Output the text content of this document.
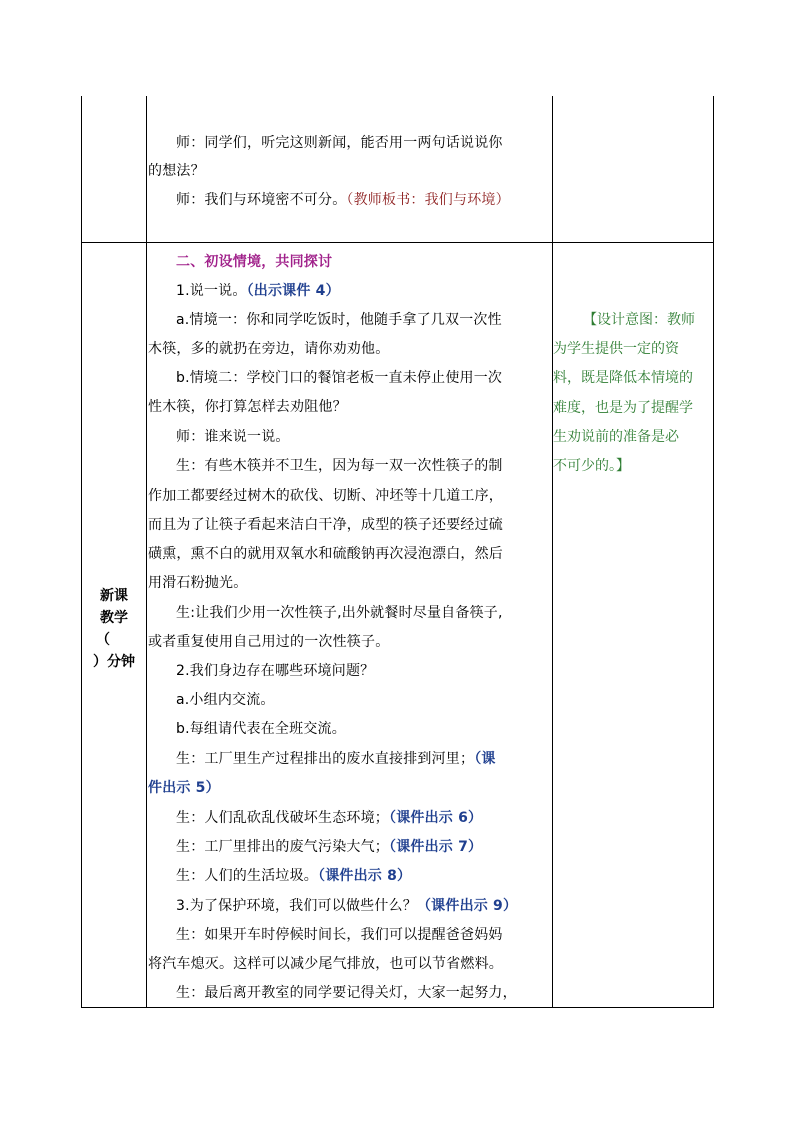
师：同学们，听完这则新闻，能否用一两句话说说你
的想法？
师：我们与环境密不可分。（教师板书：我们与环境）
新课
教学
（
）分钟
二、初设情境，共同探讨
1.说一说。（出示课件 4）
a.情境一：你和同学吃饭时，他随手拿了几双一次性
木筷，多的就扔在旁边，请你劝劝他。
b.情境二：学校门口的餐馆老板一直未停止使用一次
性木筷，你打算怎样去劝阻他？
师：谁来说一说。
生：有些木筷并不卫生，因为每一双一次性筷子的制
作加工都要经过树木的砍伐、切断、冲坯等十几道工序，
而且为了让筷子看起来洁白干净，成型的筷子还要经过硫
磺熏，熏不白的就用双氧水和硫酸钠再次浸泡漂白，然后
用滑石粉抛光。
生:让我们少用一次性筷子,出外就餐时尽量自备筷子,
或者重复使用自己用过的一次性筷子。
2.我们身边存在哪些环境问题？
a.小组内交流。
b.每组请代表在全班交流。
生：工厂里生产过程排出的废水直接排到河里；（课
件出示 5）
生：人们乱砍乱伐破坏生态环境；（课件出示 6）
生：工厂里排出的废气污染大气；（课件出示 7）
生：人们的生活垃圾。（课件出示 8）
3.为了保护环境，我们可以做些什么？（课件出示 9）
生：如果开车时停候时间长，我们可以提醒爸爸妈妈
将汽车熄灭。这样可以减少尾气排放，也可以节省燃料。
生：最后离开教室的同学要记得关灯，大家一起努力，
【设计意图：教师
为学生提供一定的资
料，既是降低本情境的
难度，也是为了提醒学
生劝说前的准备是必
不可少的。】
